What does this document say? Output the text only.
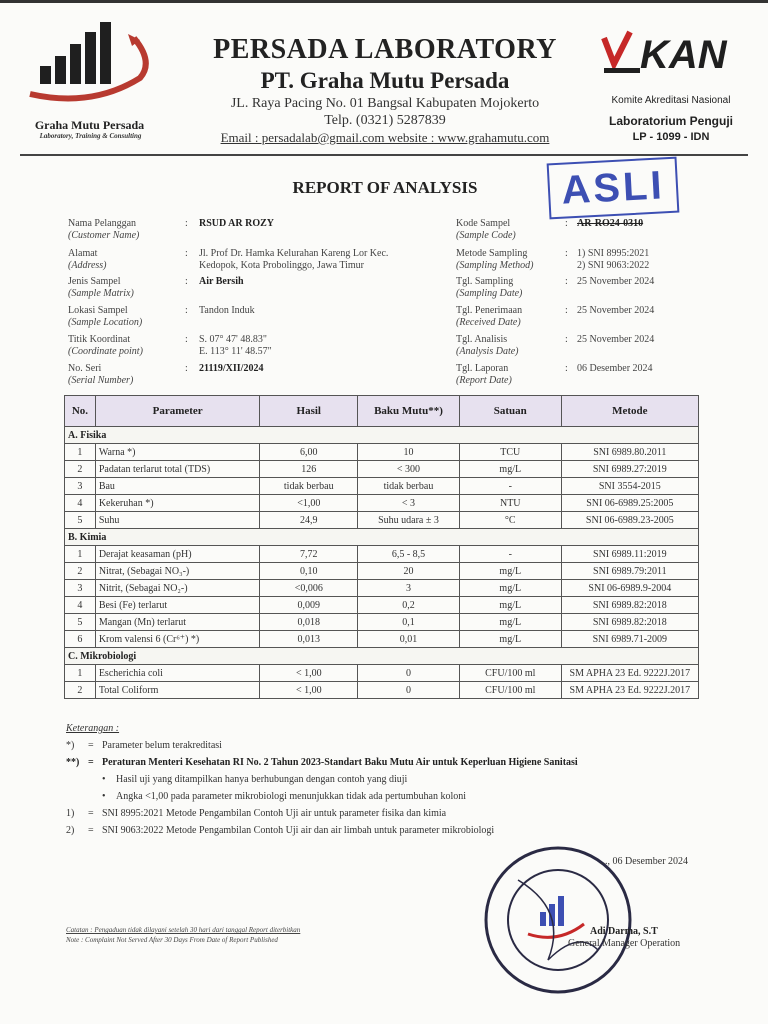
Graha Mutu Persada
Laboratory, Training & Consulting
PERSADA LABORATORY
PT. Graha Mutu Persada
JL. Raya Pacing No. 01 Bangsal Kabupaten Mojokerto
Telp. (0321) 5287839
Email : persadalab@gmail.com website : www.grahamutu.com
KAN
Komite Akreditasi Nasional
Laboratorium Penguji
LP - 1099 - IDN
REPORT OF ANALYSIS	ASLI
Nama Pelanggan
(Customer Name)
: RSUD AR ROZY
Alamat
(Address)
: Jl. Prof Dr. Hamka Kelurahan Kareng Lor Kec.
Kedopok, Kota Probolinggo, Jawa Timur
Jenis Sampel
(Sample Matrix)
: Air Bersih
Lokasi Sampel
(Sample Location)
: Tandon Induk
Titik Koordinat
(Coordinate point)
: S. 07° 47' 48.83"
E. 113° 11' 48.57"
No. Seri
(Serial Number)
: 21119/XII/2024
Kode Sampel
(Sample Code)
: AR-RO24-0310
Metode Sampling
(Sampling Method)
: 1) SNI 8995:2021
2) SNI 9063:2022
Tgl. Sampling
(Sampling Date)
: 25 November 2024
Tgl. Penerimaan
(Received Date)
: 25 November 2024
Tgl. Analisis
(Analysis Date)
: 25 November 2024
Tgl. Laporan
(Report Date)
: 06 Desember 2024
No.	Parameter	Hasil	Baku Mutu**)	Satuan	Metode
A. Fisika					
1	Warna *)	6,00	10	TCU	SNI 6989.80.2011
2	Padatan terlarut total (TDS)	126	< 300	mg/L	SNI 6989.27:2019
3	Bau	tidak berbau	tidak berbau	-	SNI 3554-2015
4	Kekeruhan *)	<1,00	< 3	NTU	SNI 06-6989.25:2005
5	Suhu	24,9	Suhu udara ± 3	°C	SNI 06-6989.23-2005
B. Kimia					
1	Derajat keasaman (pH)	7,72	6,5 - 8,5	-	SNI 6989.11:2019
2	Nitrat, (Sebagai NO₃-)	0,10	20	mg/L	SNI 6989.79:2011
3	Nitrit, (Sebagai NO₂-)	<0,006	3	mg/L	SNI 06-6989.9-2004
4	Besi (Fe) terlarut	0,009	0,2	mg/L	SNI 6989.82:2018
5	Mangan (Mn) terlarut	0,018	0,1	mg/L	SNI 6989.82:2018
6	Krom valensi 6 (Cr⁶⁺) *)	0,013	0,01	mg/L	SNI 6989.71-2009
C. Mikrobiologi					
1	Escherichia coli	< 1,00	0	CFU/100 ml	SM APHA 23 Ed. 9222J.2017
2	Total Coliform	< 1,00	0	CFU/100 ml	SM APHA 23 Ed. 9222J.2017
Keterangan :
*) = Parameter belum terakreditasi
**) = Peraturan Menteri Kesehatan RI No. 2 Tahun 2023-Standart Baku Mutu Air untuk Keperluan Higiene Sanitasi
• Hasil uji yang ditampilkan hanya berhubungan dengan contoh yang diuji
• Angka <1,00 pada parameter mikrobiologi menunjukkan tidak ada pertumbuhan koloni
1) = SNI 8995:2021 Metode Pengambilan Contoh Uji air untuk parameter fisika dan kimia
2) = SNI 9063:2022 Metode Pengambilan Contoh Uji air dan air limbah untuk parameter mikrobiologi
..., 06 Desember 2024
Adi Darma, S.T
General Manager Operation
Catatan : Pengaduan tidak dilayani setelah 30 hari dari tanggal Report diterbitkan
Note : Complaint Not Served After 30 Days From Date of Report Published
